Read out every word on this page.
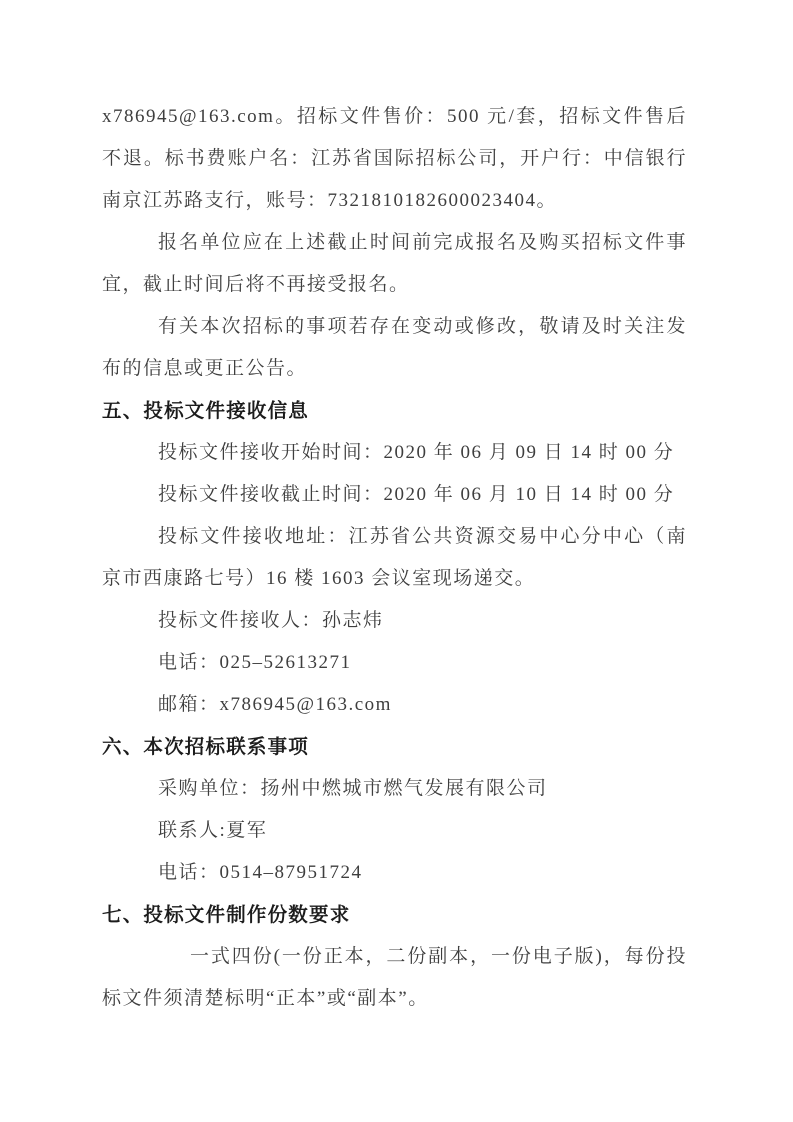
x786945@163.com。招标文件售价：500 元/套，招标文件售后不退。标书费账户名：江苏省国际招标公司，开户行：中信银行南京江苏路支行，账号：7321810182600023404。

报名单位应在上述截止时间前完成报名及购买招标文件事宜，截止时间后将不再接受报名。

有关本次招标的事项若存在变动或修改，敬请及时关注发布的信息或更正公告。

五、投标文件接收信息

投标文件接收开始时间：2020 年 06 月 09 日 14 时 00 分

投标文件接收截止时间：2020 年 06 月 10 日 14 时 00 分

投标文件接收地址：江苏省公共资源交易中心分中心（南京市西康路七号）16 楼 1603 会议室现场递交。

投标文件接收人：孙志炜

电话：025–52613271

邮箱：x786945@163.com

六、本次招标联系事项

采购单位：扬州中燃城市燃气发展有限公司

联系人:夏军

电话：0514–87951724

七、投标文件制作份数要求

一式四份(一份正本，二份副本，一份电子版)，每份投标文件须清楚标明“正本”或“副本”。
